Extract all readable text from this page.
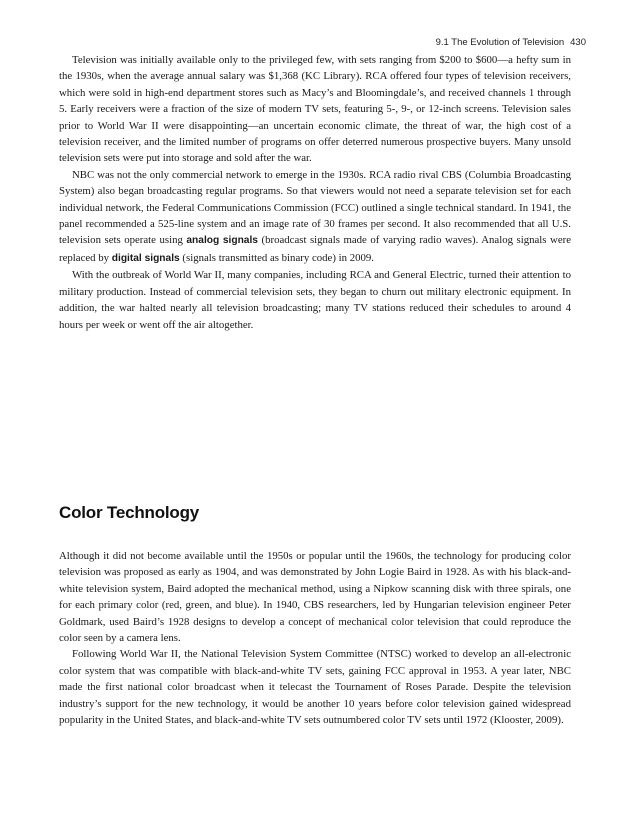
9.1 The Evolution of Television 430

Television was initially available only to the privileged few, with sets ranging from $200 to $600—a hefty sum in the 1930s, when the average annual salary was $1,368 (KC Library). RCA offered four types of television receivers, which were sold in high-end department stores such as Macy’s and Bloomingdale’s, and received channels 1 through 5. Early receivers were a fraction of the size of modern TV sets, featuring 5-, 9-, or 12-inch screens. Television sales prior to World War II were disappointing—an uncertain economic climate, the threat of war, the high cost of a television receiver, and the limited number of programs on offer deterred numerous prospective buyers. Many unsold television sets were put into storage and sold after the war.

NBC was not the only commercial network to emerge in the 1930s. RCA radio rival CBS (Columbia Broadcasting System) also began broadcasting regular programs. So that viewers would not need a separate television set for each individual network, the Federal Communications Commission (FCC) outlined a single technical standard. In 1941, the panel recommended a 525-line system and an image rate of 30 frames per second. It also recommended that all U.S. television sets operate using analog signals (broadcast signals made of varying radio waves). Analog signals were replaced by digital signals (signals transmitted as binary code) in 2009.

With the outbreak of World War II, many companies, including RCA and General Electric, turned their attention to military production. Instead of commercial television sets, they began to churn out military electronic equipment. In addition, the war halted nearly all television broadcasting; many TV stations reduced their schedules to around 4 hours per week or went off the air altogether.

Color Technology

Although it did not become available until the 1950s or popular until the 1960s, the technology for producing color television was proposed as early as 1904, and was demonstrated by John Logie Baird in 1928. As with his black-and-white television system, Baird adopted the mechanical method, using a Nipkow scanning disk with three spirals, one for each primary color (red, green, and blue). In 1940, CBS researchers, led by Hungarian television engineer Peter Goldmark, used Baird’s 1928 designs to develop a concept of mechanical color television that could reproduce the color seen by a camera lens.

Following World War II, the National Television System Committee (NTSC) worked to develop an all-electronic color system that was compatible with black-and-white TV sets, gaining FCC approval in 1953. A year later, NBC made the first national color broadcast when it telecast the Tournament of Roses Parade. Despite the television industry’s support for the new technology, it would be another 10 years before color television gained widespread popularity in the United States, and black-and-white TV sets outnumbered color TV sets until 1972 (Klooster, 2009).
